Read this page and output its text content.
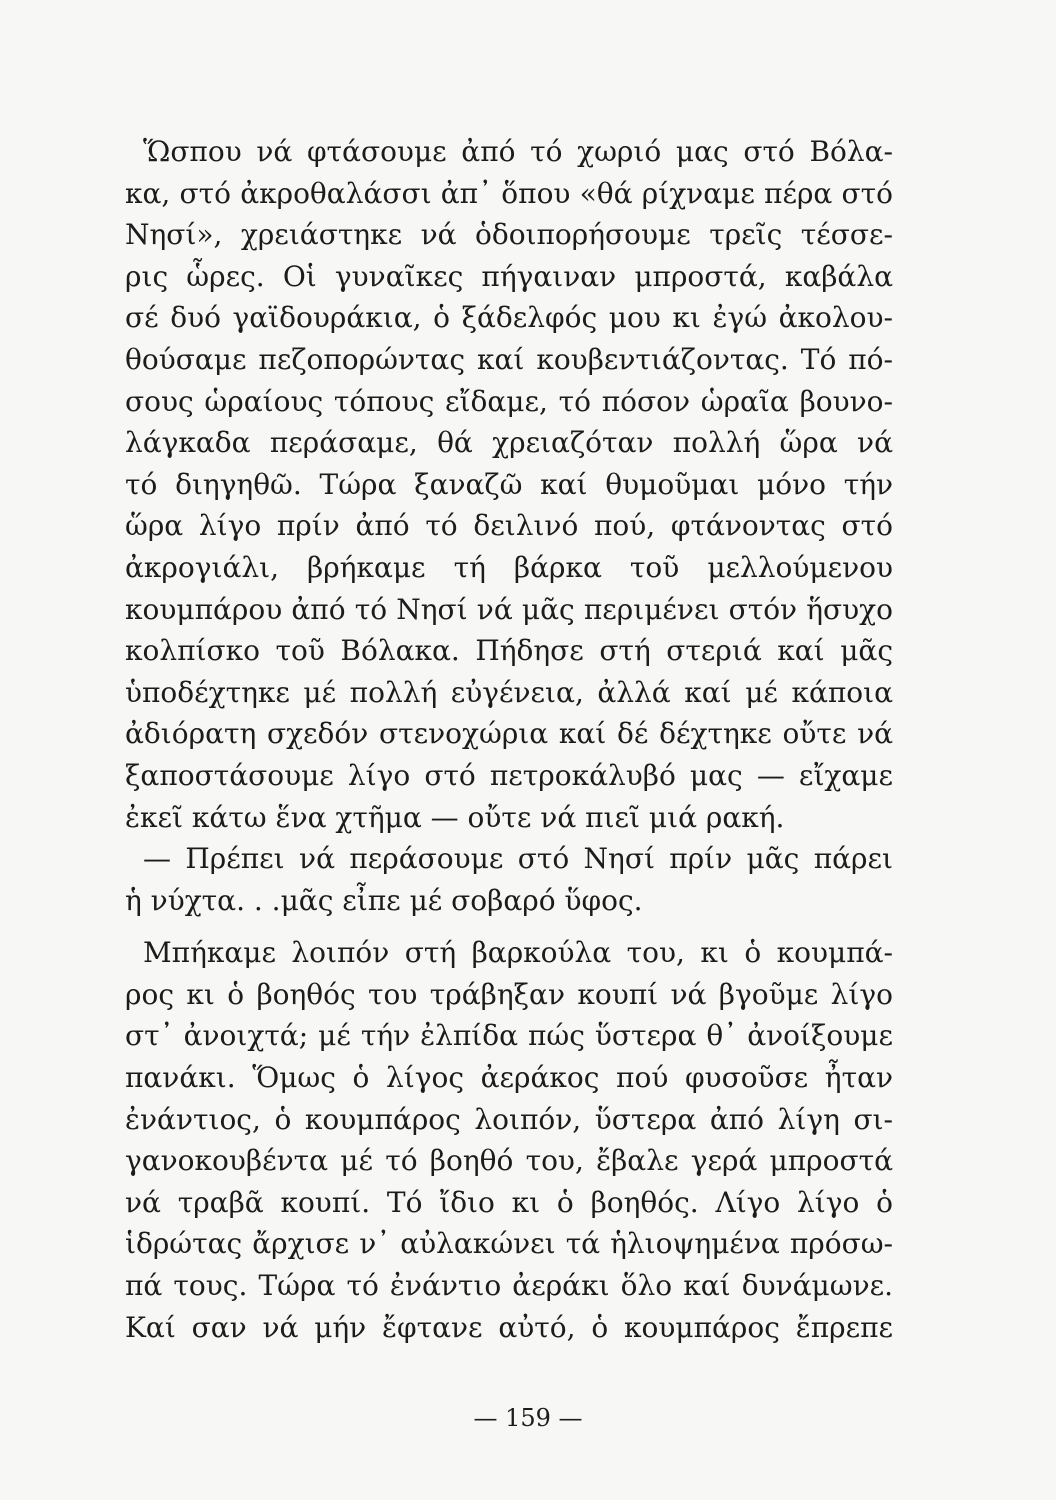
Ὥσπου νά φτάσουμε ἀπό τό χωριό μας στό Βόλα-
κα, στό ἀκροθαλάσσι ἀπ᾽ ὅπου «θά ρίχναμε πέρα στό
Νησί», χρειάστηκε νά ὁδοιπορήσουμε τρεῖς τέσσε-
ρις ὧρες. Οἱ γυναῖκες πήγαιναν μπροστά, καβάλα
σέ δυό γαϊδουράκια, ὁ ξάδελφός μου κι ἐγώ ἀκολου-
θούσαμε πεζοπορώντας καί κουβεντιάζοντας. Τό πό-
σους ὡραίους τόπους εἴδαμε, τό πόσον ὡραῖα βουνο-
λάγκαδα περάσαμε, θά χρειαζόταν πολλή ὥρα νά
τό διηγηθῶ. Τώρα ξαναζῶ καί θυμοῦμαι μόνο τήν
ὥρα λίγο πρίν ἀπό τό δειλινό πού, φτάνοντας στό
ἀκρογιάλι, βρήκαμε τή βάρκα τοῦ μελλούμενου
κουμπάρου ἀπό τό Νησί νά μᾶς περιμένει στόν ἥσυχο
κολπίσκο τοῦ Βόλακα. Πήδησε στή στεριά καί μᾶς
ὑποδέχτηκε μέ πολλή εὐγένεια, ἀλλά καί μέ κάποια
ἀδιόρατη σχεδόν στενοχώρια καί δέ δέχτηκε οὔτε νά
ξαποστάσουμε λίγο στό πετροκάλυβό μας — εἴχαμε
ἐκεῖ κάτω ἕνα χτῆμα — οὔτε νά πιεῖ μιά ρακή.
— Πρέπει νά περάσουμε στό Νησί πρίν μᾶς πάρει
ἡ νύχτα. . .μᾶς εἶπε μέ σοβαρό ὕφος.
Μπήκαμε λοιπόν στή βαρκούλα του, κι ὁ κουμπά-
ρος κι ὁ βοηθός του τράβηξαν κουπί νά βγοῦμε λίγο
στ᾽ ἀνοιχτά; μέ τήν ἐλπίδα πώς ὕστερα θ᾽ ἀνοίξουμε
πανάκι. Ὅμως ὁ λίγος ἀεράκος πού φυσοῦσε ἦταν
ἐνάντιος, ὁ κουμπάρος λοιπόν, ὕστερα ἀπό λίγη σι-
γανοκουβέντα μέ τό βοηθό του, ἔβαλε γερά μπροστά
νά τραβᾶ κουπί. Τό ἴδιο κι ὁ βοηθός. Λίγο λίγο ὁ
ἱδρώτας ἄρχισε ν᾽ αὐλακώνει τά ἡλιοψημένα πρόσω-
πά τους. Τώρα τό ἐνάντιο ἀεράκι ὅλο καί δυνάμωνε.
Καί σαν νά μήν ἔφτανε αὐτό, ὁ κουμπάρος ἔπρεπε
— 159 —
